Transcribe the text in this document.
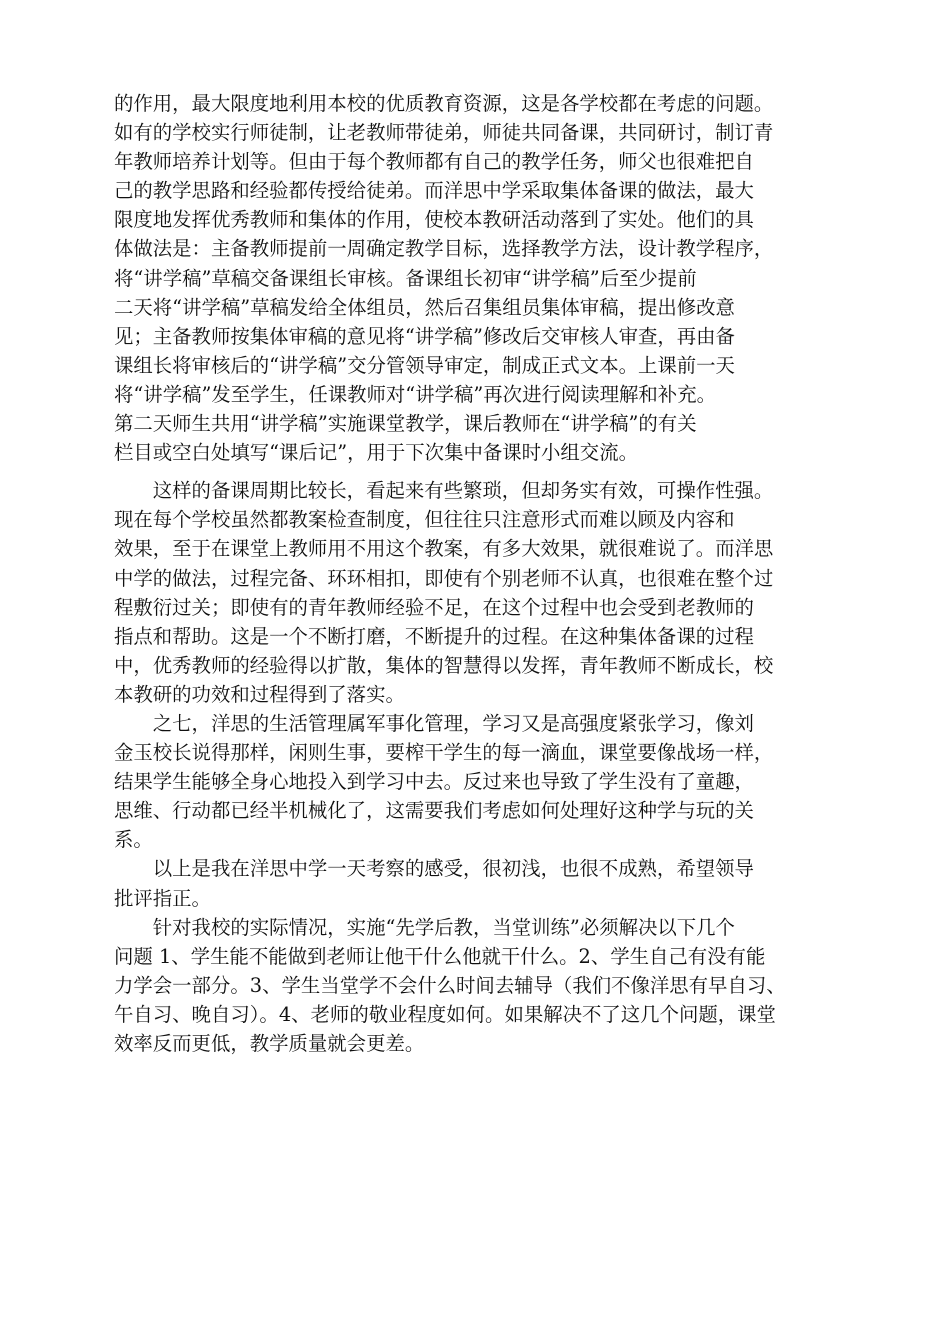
的作用，最大限度地利用本校的优质教育资源，这是各学校都在考虑的问题。
如有的学校实行师徒制，让老教师带徒弟，师徒共同备课，共同研讨，制订青
年教师培养计划等。但由于每个教师都有自己的教学任务，师父也很难把自
己的教学思路和经验都传授给徒弟。而洋思中学采取集体备课的做法，最大
限度地发挥优秀教师和集体的作用，使校本教研活动落到了实处。他们的具
体做法是：主备教师提前一周确定教学目标，选择教学方法，设计教学程序，
将“讲学稿”草稿交备课组长审核。备课组长初审“讲学稿”后至少提前
二天将“讲学稿”草稿发给全体组员，然后召集组员集体审稿，提出修改意
见；主备教师按集体审稿的意见将“讲学稿”修改后交审核人审查，再由备
课组长将审核后的“讲学稿”交分管领导审定，制成正式文本。上课前一天
将“讲学稿”发至学生，任课教师对“讲学稿”再次进行阅读理解和补充。
第二天师生共用“讲学稿”实施课堂教学，课后教师在“讲学稿”的有关
栏目或空白处填写“课后记”，用于下次集中备课时小组交流。

　　这样的备课周期比较长，看起来有些繁琐，但却务实有效，可操作性强。
现在每个学校虽然都教案检查制度，但往往只注意形式而难以顾及内容和
效果，至于在课堂上教师用不用这个教案，有多大效果，就很难说了。而洋思
中学的做法，过程完备、环环相扣，即使有个别老师不认真，也很难在整个过
程敷衍过关；即使有的青年教师经验不足，在这个过程中也会受到老教师的
指点和帮助。这是一个不断打磨，不断提升的过程。在这种集体备课的过程
中，优秀教师的经验得以扩散，集体的智慧得以发挥，青年教师不断成长，校
本教研的功效和过程得到了落实。

　　之七，洋思的生活管理属军事化管理，学习又是高强度紧张学习，像刘
金玉校长说得那样，闲则生事，要榨干学生的每一滴血，课堂要像战场一样，
结果学生能够全身心地投入到学习中去。反过来也导致了学生没有了童趣，
思维、行动都已经半机械化了，这需要我们考虑如何处理好这种学与玩的关
系。

　　以上是我在洋思中学一天考察的感受，很初浅，也很不成熟，希望领导
批评指正。

　　针对我校的实际情况，实施“先学后教，当堂训练”必须解决以下几个
问题 1、学生能不能做到老师让他干什么他就干什么。2、学生自己有没有能
力学会一部分。3、学生当堂学不会什么时间去辅导（我们不像洋思有早自习、
午自习、晚自习）。4、老师的敬业程度如何。如果解决不了这几个问题，课堂
效率反而更低，教学质量就会更差。
